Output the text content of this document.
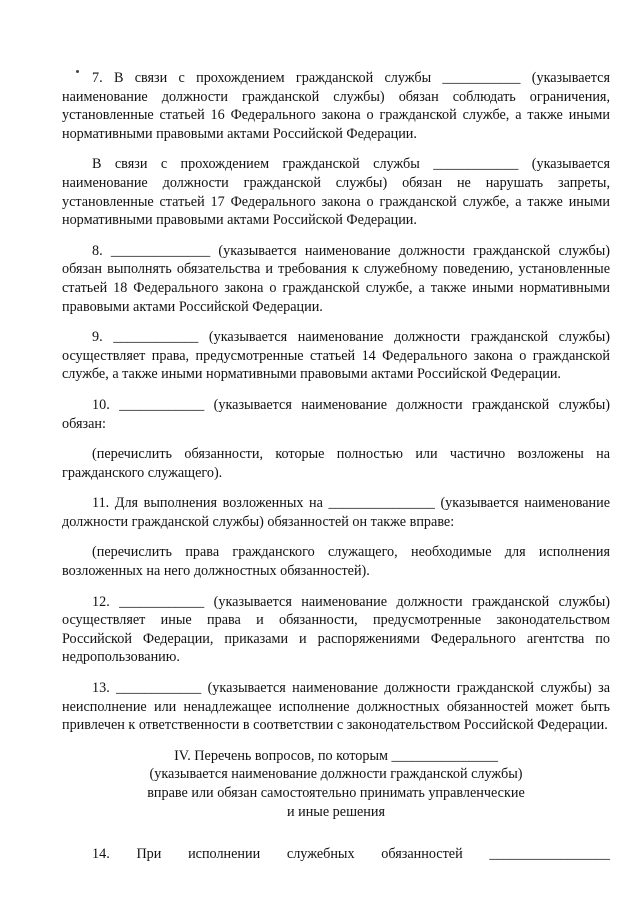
7. В связи с прохождением гражданской службы ___________ (указывается наименование должности гражданской службы) обязан соблюдать ограничения, установленные статьей 16 Федерального закона о гражданской службе, а также иными нормативными правовыми актами Российской Федерации.

В связи с прохождением гражданской службы ____________ (указывается наименование должности гражданской службы) обязан не нарушать запреты, установленные статьей 17 Федерального закона о гражданской службе, а также иными нормативными правовыми актами Российской Федерации.

8. ______________ (указывается наименование должности гражданской службы) обязан выполнять обязательства и требования к служебному поведению, установленные статьей 18 Федерального закона о гражданской службе, а также иными нормативными правовыми актами Российской Федерации.

9. ____________ (указывается наименование должности гражданской службы) осуществляет права, предусмотренные статьей 14 Федерального закона о гражданской службе, а также иными нормативными правовыми актами Российской Федерации.

10. ____________ (указывается наименование должности гражданской службы) обязан:

(перечислить обязанности, которые полностью или частично возложены на гражданского служащего).

11. Для выполнения возложенных на _______________ (указывается наименование должности гражданской службы) обязанностей он также вправе:

(перечислить права гражданского служащего, необходимые для исполнения возложенных на него должностных обязанностей).

12. ____________ (указывается наименование должности гражданской службы) осуществляет иные права и обязанности, предусмотренные законодательством Российской Федерации, приказами и распоряжениями Федерального агентства по недропользованию.

13. ____________ (указывается наименование должности гражданской службы) за неисполнение или ненадлежащее исполнение должностных обязанностей может быть привлечен к ответственности в соответствии с законодательством Российской Федерации.

IV. Перечень вопросов, по которым _______________

(указывается наименование должности гражданской службы)

вправе или обязан самостоятельно принимать управленческие

и иные решения

14. При исполнении служебных обязанностей _________________
